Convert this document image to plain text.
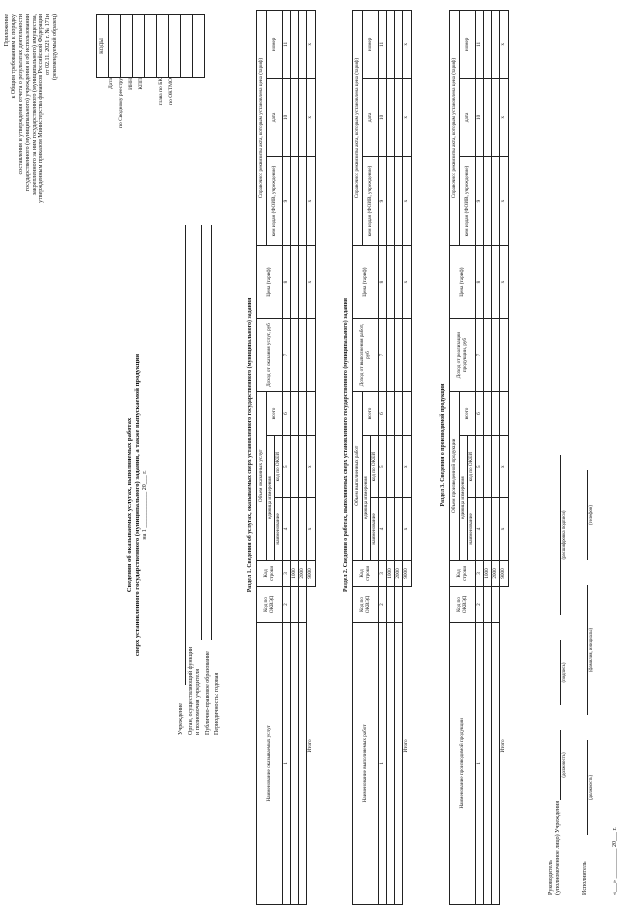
Приложение к Общим требованиям к порядку составления и утверждения отчета о результатах деятельности государственного (муниципального) учреждения и об использовании закрепленного за ним государственного (муниципального) имущества, утвержденным приказом Министерства финансов Российской Федерации от 02.11. 2021 г. № 171н (рекомендуемый образец)	КОДЫ

Дата по Сводному реестру ИНН КПП
	глава по БК по ОКТМО
Сведения об оказываемых услугах, выполняемых работах сверх установленного государственного (муниципального) задания, а также выпускаемой продукции на 1 ____________ 20___ г.
Учреждение Орган, осуществляющий функции и полномочия учредителя Публично-правовое образование Периодичность: годовая
Раздел 1. Сведения об услугах, оказываемых сверх установленного государственного (муниципального) задания
Наименование оказываемых услуг	Код по ОКВЭД	Код строки	Объем оказанных услуг			Доход от оказания услуг, руб	Цена (тариф)	Справочно: реквизиты акта, которым установлена цена (тариф)		
			единица измерения		всего			кем издан (ФОИВ, учреждение)	дата	номер
			наименование	код по ОКЕИ						
1	2	3	4	5	6	7	8	9	10	11
		1000								
		2000								
Итого		9000	x	x			x	x	x	x
Раздел 2. Сведения о работах, выполняемых сверх установленного государственного (муниципального) задания
Наименование выполняемых работ	Код по ОКВЭД	Код строки	Объем выполненных работ			Доход от выполнения работ, руб	Цена (тариф)	Справочно: реквизиты акта, которым установлена цена (тариф)		
			единица измерения		всего			кем издан (ФОИВ, учреждение)	дата	номер
			наименование	код по ОКЕИ						
1	2	3	4	5	6	7	8	9	10	11
		1000								
		2000								
Итого		9000	x	x			x	x	x	x
Раздел 3. Сведения о производимой продукции
Наименование производимой продукции	Код по ОКВЭД	Код строки	Объем произведенной продукции			Доход от реализации продукции, руб	Цена (тариф)	Справочно: реквизиты акта, которым установлена цена (тариф)		
			единица измерения		всего			кем издан (ФОИВ, учреждение)	дата	номер
			наименование	код по ОКЕИ						
1	2	3	4	5	6	7	8	9	10	11
		1000								
		2000								
Итого		9000	x	x			x	x	x	x
Руководитель (уполномоченное лицо) Учреждения
(должность)
(подпись)
(расшифровка подписи)
Исполнитель
(должность)
(фамилия, инициалы)
(телефон)
«___» __________ 20___ г.
